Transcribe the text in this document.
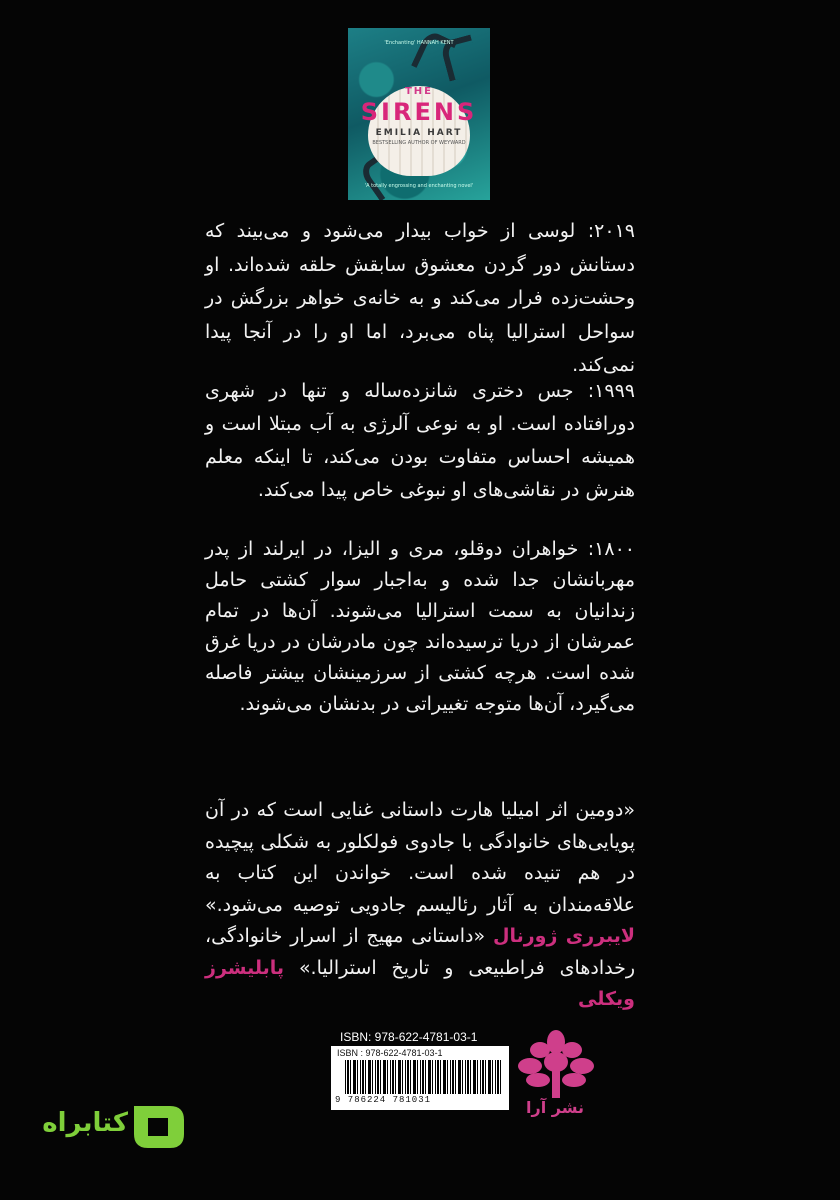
'Enchanting' HANNAH KENT
THE
SIRENS
EMILIA HART
BESTSELLING AUTHOR OF WEYWARD
'A totally engrossing and enchanting novel'
۲۰۱۹: لوسی از خواب بیدار می‌شود و می‌بیند که دستانش دور گردن معشوق سابقش حلقه شده‌اند. او وحشت‌زده فرار می‌کند و به خانه‌ی خواهر بزرگش در سواحل استرالیا پناه می‌برد، اما او را در آنجا پیدا نمی‌کند.
۱۹۹۹: جس دختری شانزده‌ساله و تنها در شهری دورافتاده است. او به نوعی آلرژی به آب مبتلا است و همیشه احساس متفاوت بودن می‌کند، تا اینکه معلم هنرش در نقاشی‌های او نبوغی خاص پیدا می‌کند.
۱۸۰۰: خواهران دوقلو، مری و الیزا، در ایرلند از پدر مهربانشان جدا شده و به‌اجبار سوار کشتی حامل زندانیان به سمت استرالیا می‌شوند. آن‌ها در تمام عمرشان از دریا ترسیده‌اند چون مادرشان در دریا غرق شده است. هرچه کشتی از سرزمینشان بیشتر فاصله می‌گیرد، آن‌ها متوجه تغییراتی در بدنشان می‌شوند.
«دومین اثر امیلیا هارت داستانی غنایی است که در آن پویایی‌های خانوادگی با جادوی فولکلور به شکلی پیچیده در هم تنیده شده است. خواندن این کتاب به علاقه‌مندان به آثار رئالیسم جادویی توصیه می‌شود.» لایبرری ژورنال «داستانی مهیج از اسرار خانوادگی، رخدادهای فراطبیعی و تاریخ استرالیا.» پابلیشرز ویکلی
ISBN: 978-622-4781-03-1
ISBN : 978-622-4781-03-1
9 786224 781031	نشر آرا
کتابراه
